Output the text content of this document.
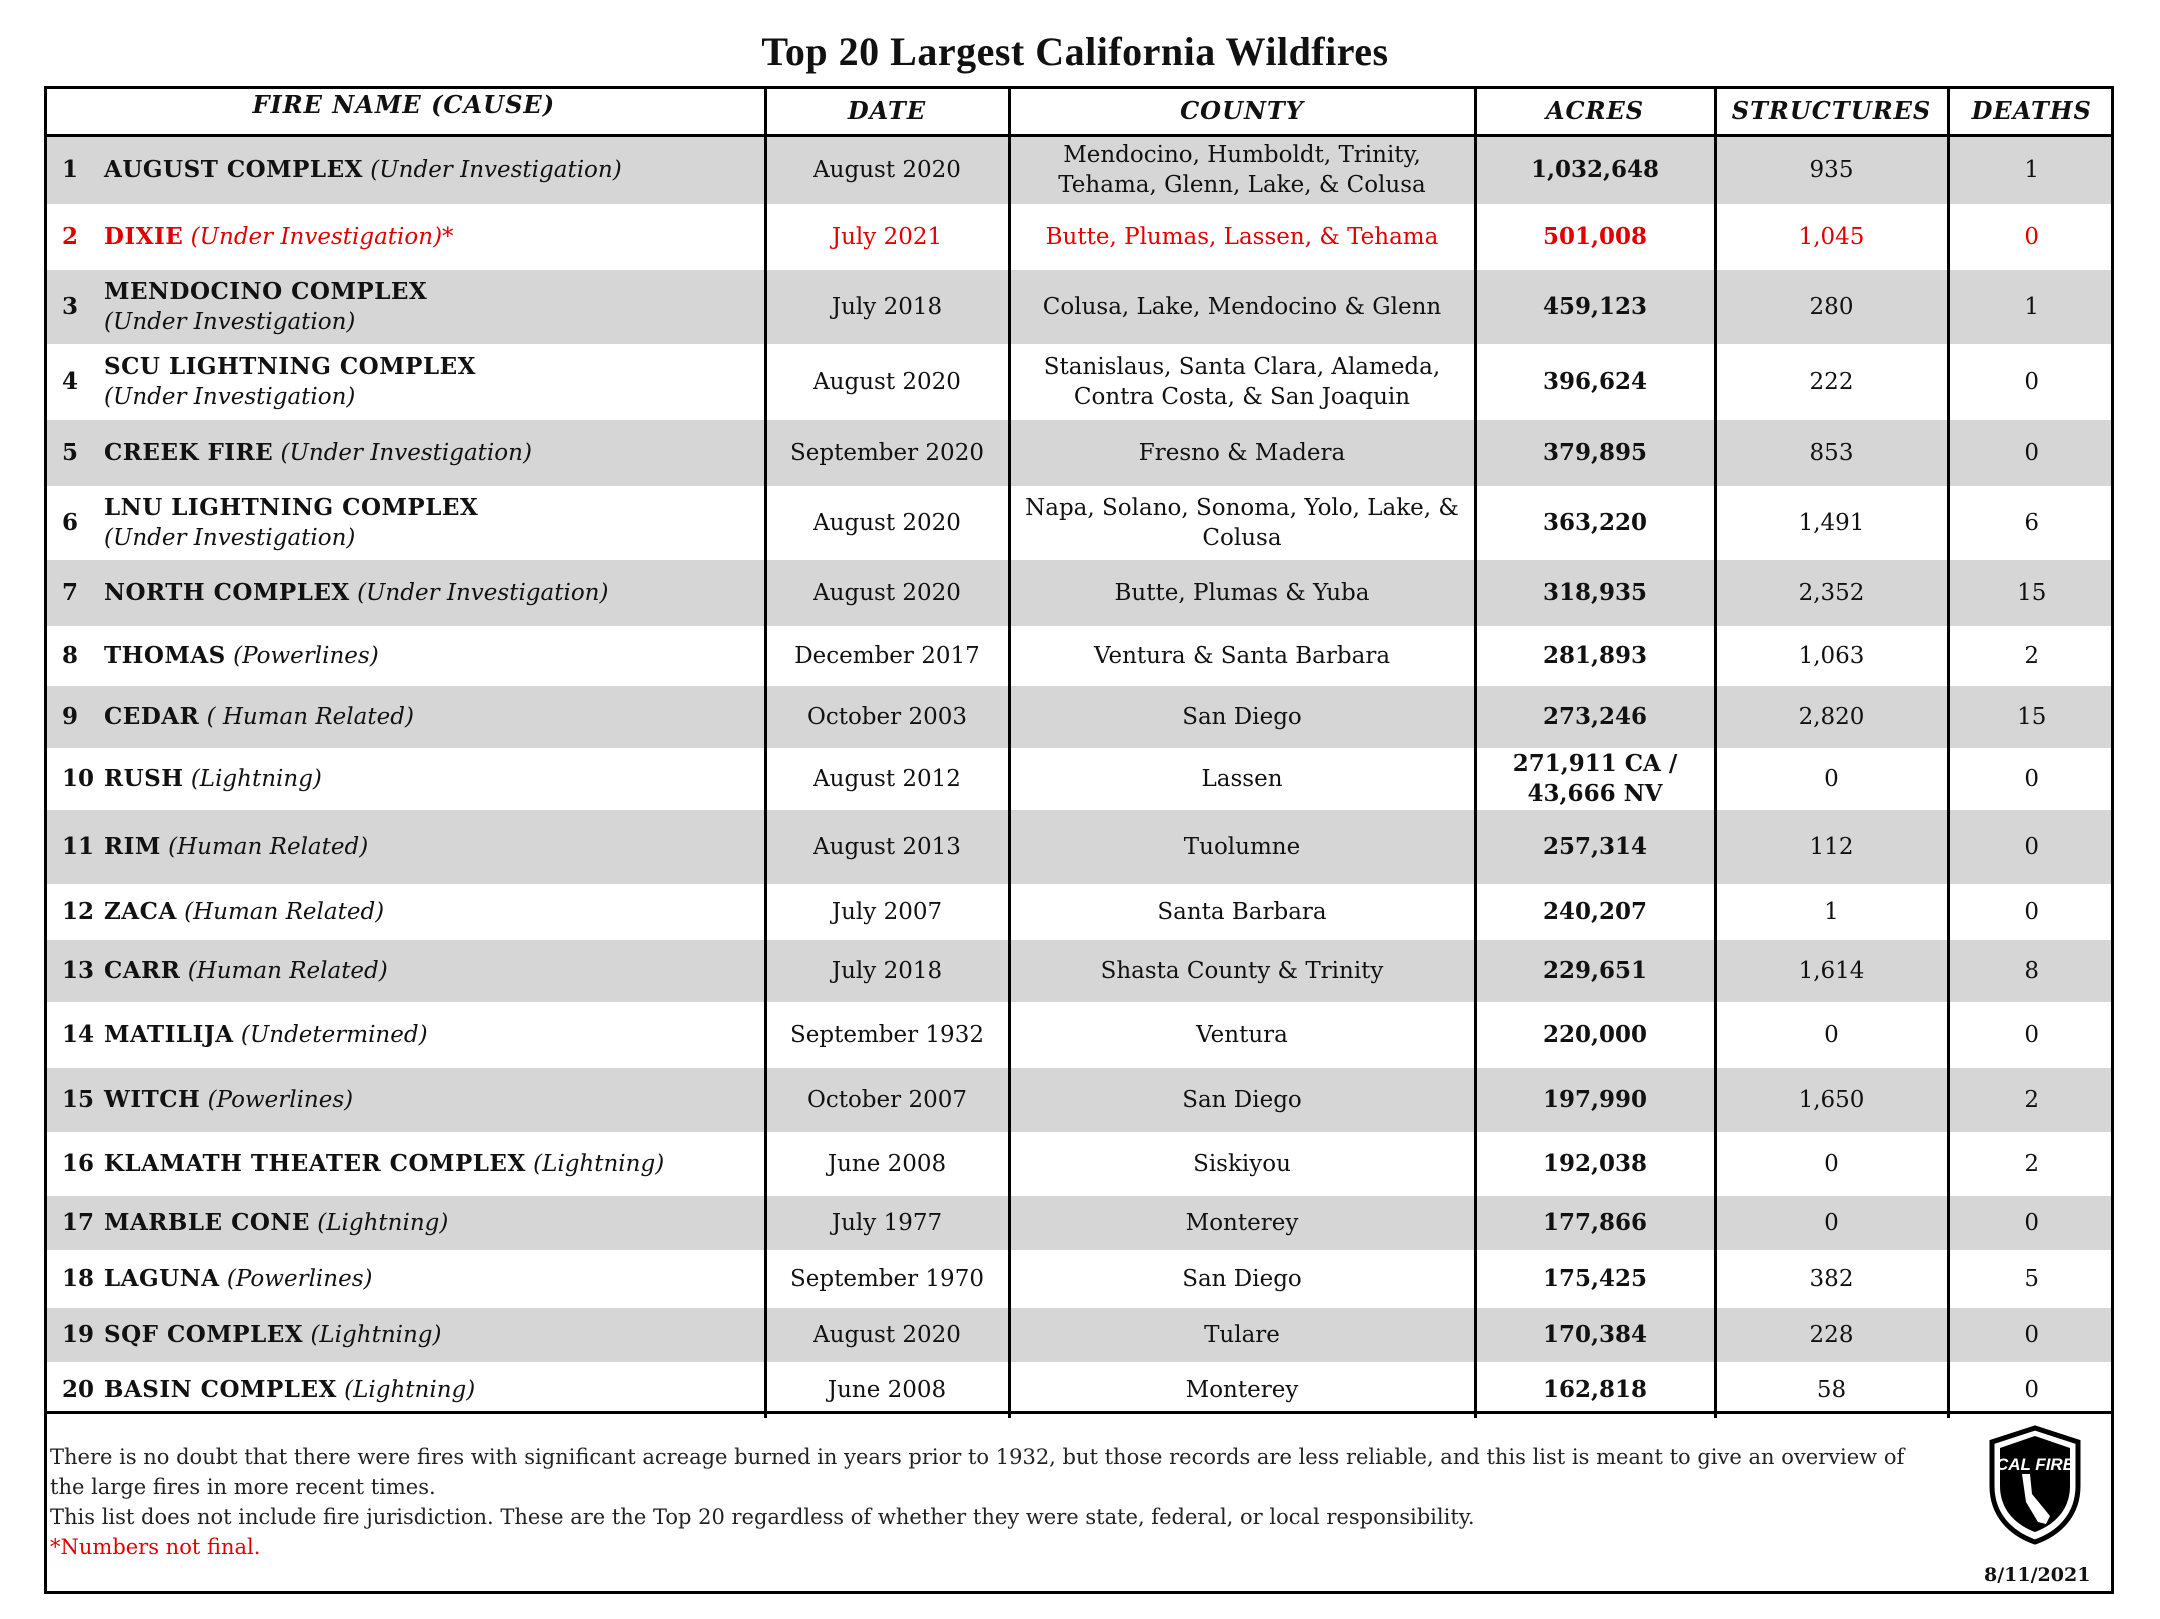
Top 20 Largest California Wildfires
FIRE NAME (CAUSE)	DATE	COUNTY	ACRES	STRUCTURES	DEATHS

1 AUGUST COMPLEX (Under Investigation)	August 2020	Mendocino, Humboldt, Trinity, Tehama, Glenn, Lake, & Colusa	1,032,648	935	1

2 DIXIE (Under Investigation)*	July 2021	Butte, Plumas, Lassen, & Tehama	501,008	1,045	0

3
MENDOCINO COMPLEX
(Under Investigation)	July 2018	Colusa, Lake, Mendocino & Glenn	459,123	280	1

4
SCU LIGHTNING COMPLEX
(Under Investigation)	August 2020	Stanislaus, Santa Clara, Alameda, Contra Costa, & San Joaquin	396,624	222	0

5 CREEK FIRE (Under Investigation)	September 2020	Fresno & Madera	379,895	853	0

6
LNU LIGHTNING COMPLEX
(Under Investigation)	August 2020	Napa, Solano, Sonoma, Yolo, Lake, & Colusa	363,220	1,491	6

7 NORTH COMPLEX (Under Investigation)	August 2020	Butte, Plumas & Yuba	318,935	2,352	15

8 THOMAS (Powerlines)	December 2017	Ventura & Santa Barbara	281,893	1,063	2

9 CEDAR ( Human Related)	October 2003	San Diego	273,246	2,820	15

10 RUSH (Lightning)	August 2012	Lassen	271,911 CA / 43,666 NV	0	0

11 RIM (Human Related)	August 2013	Tuolumne	257,314	112	0

12 ZACA (Human Related)	July 2007	Santa Barbara	240,207	1	0

13 CARR (Human Related)	July 2018	Shasta County & Trinity	229,651	1,614	8

14 MATILIJA (Undetermined)	September 1932	Ventura	220,000	0	0

15 WITCH (Powerlines)	October 2007	San Diego	197,990	1,650	2

16 KLAMATH THEATER COMPLEX (Lightning)	June 2008	Siskiyou	192,038	0	2

17 MARBLE CONE (Lightning)	July 1977	Monterey	177,866	0	0

18 LAGUNA (Powerlines)	September 1970	San Diego	175,425	382	5

19 SQF COMPLEX (Lightning)	August 2020	Tulare	170,384	228	0

20 BASIN COMPLEX (Lightning)	June 2008	Monterey	162,818	58	0
There is no doubt that there were fires with significant acreage burned in years prior to 1932, but those records are less reliable, and this list is meant to give an overview of the large fires in more recent times.
This list does not include fire jurisdiction. These are the Top 20 regardless of whether they were state, federal, or local responsibility.
*Numbers not final.
CAL FIRE
8/11/2021
